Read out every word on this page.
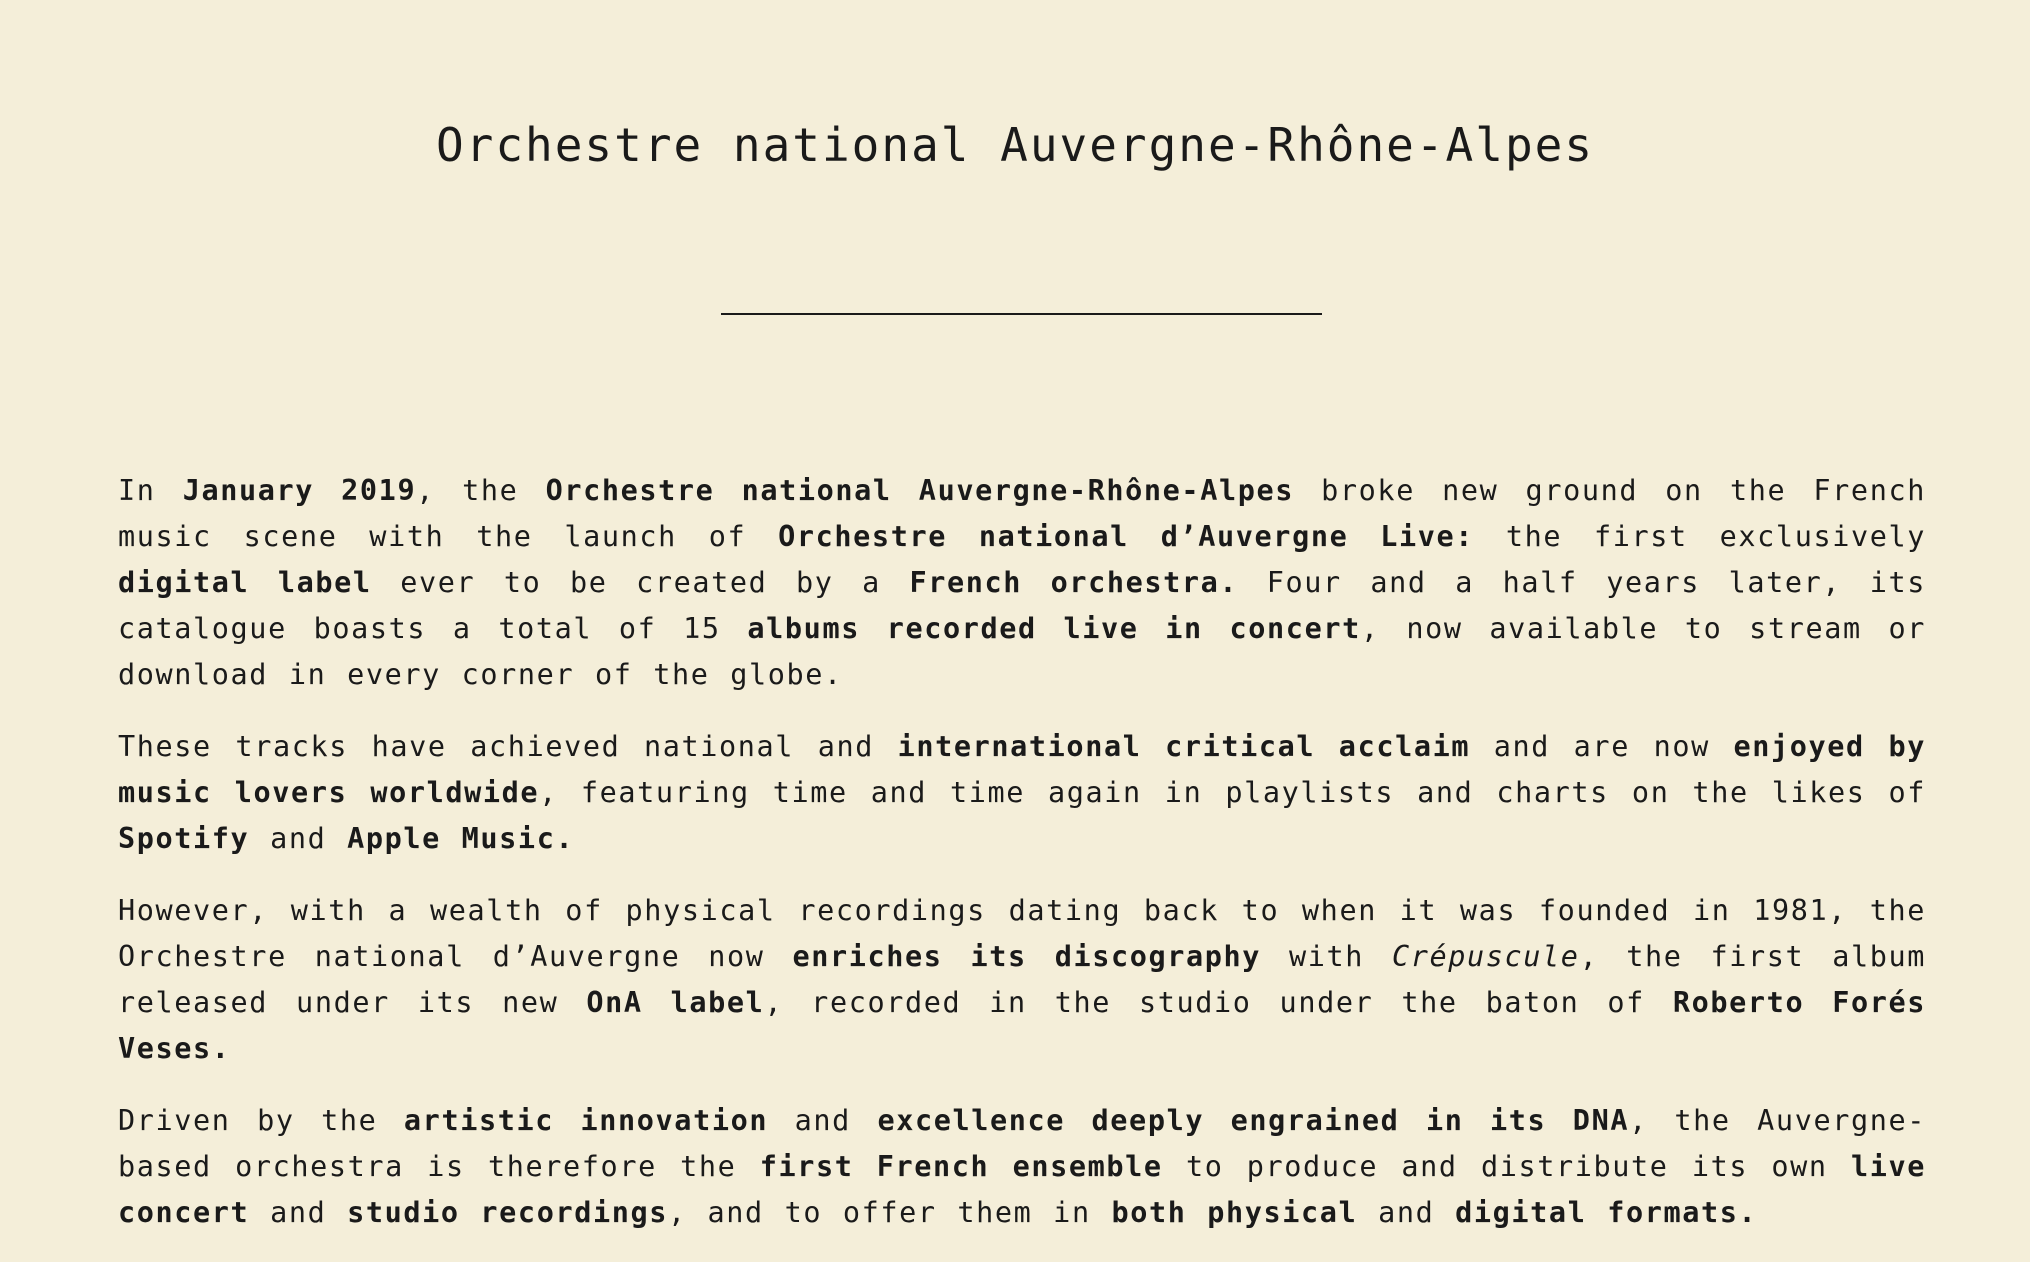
Orchestre national Auvergne-Rhône-Alpes

In January 2019, the Orchestre national Auvergne-Rhône-Alpes broke new ground on the French music scene with the launch of Orchestre national d’Auvergne Live: the first exclusively digital label ever to be created by a French orchestra. Four and a half years later, its catalogue boasts a total of 15 albums recorded live in concert, now available to stream or download in every corner of the globe.

These tracks have achieved national and international critical acclaim and are now enjoyed by music lovers worldwide, featuring time and time again in playlists and charts on the likes of Spotify and Apple Music.

However, with a wealth of physical recordings dating back to when it was founded in 1981, the Orchestre national d’Auvergne now enriches its discography with Crépuscule, the first album released under its new OnA label, recorded in the studio under the baton of Roberto Forés Veses.

Driven by the artistic innovation and excellence deeply engrained in its DNA, the Auvergne-based orchestra is therefore the first French ensemble to produce and distribute its own live concert and studio recordings, and to offer them in both physical and digital formats.
